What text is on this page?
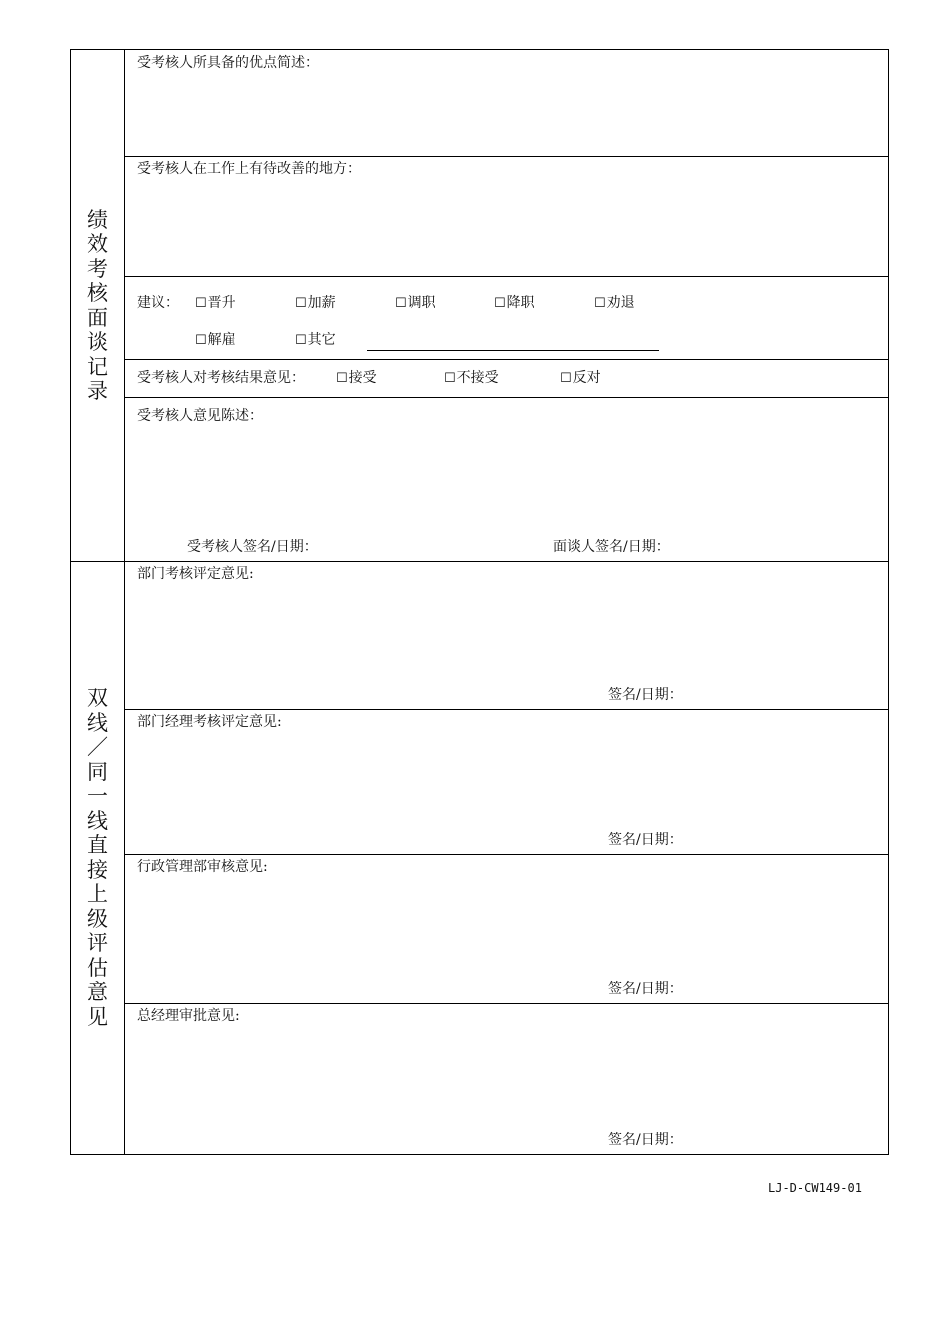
绩
效
考
核
面
谈
记
录
双
线
／
同
一
线
直
接
上
级
评
估
意
见
受考核人所具备的优点简述：
受考核人在工作上有待改善的地方：
建议： ☐晋升	☐加薪	☐调职	☐降职	☐劝退
☐解雇	☐其它
受考核人对考核结果意见： ☐接受	☐不接受	☐反对
受考核人意见陈述：
受考核人签名/日期：	面谈人签名/日期：
部门考核评定意见:
签名/日期：
部门经理考核评定意见:
签名/日期：
行政管理部审核意见:
签名/日期：
总经理审批意见:
签名/日期：
LJ-D-CW149-01
